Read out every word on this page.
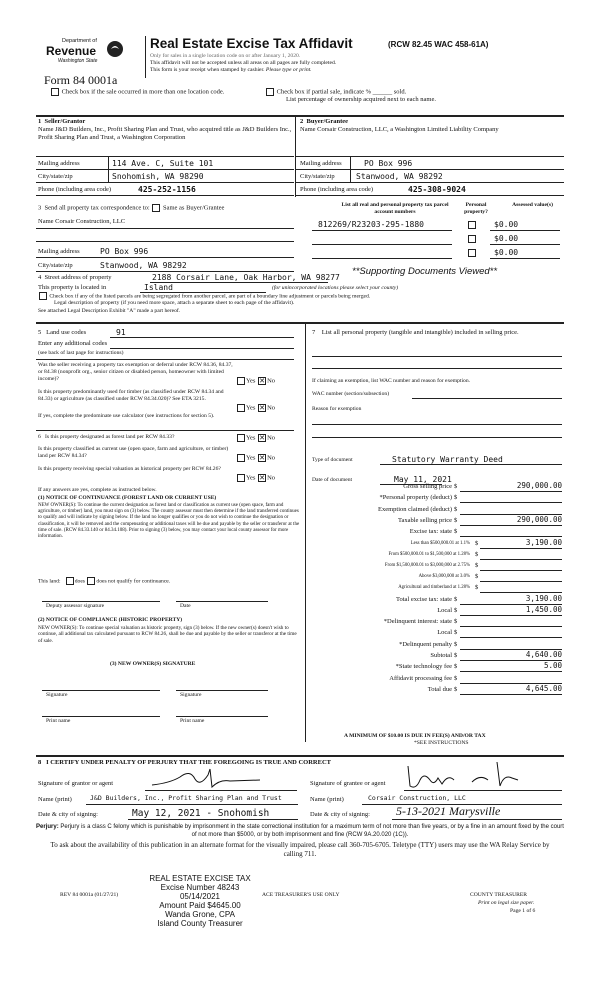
Department of
Revenue
Washington State
Form 84 0001a
Real Estate Excise Tax Affidavit	(RCW 82.45 WAC 458-61A)
Only for sales in a single location code on or after January 1, 2020.
This affidavit will not be accepted unless all areas on all pages are fully completed.
This form is your receipt when stamped by cashier. Please type or print.
Check box if the sale occurred in more than one location code.	Check box if partial sale, indicate % ______ sold.
List percentage of ownership acquired next to each name.
1  Seller/Grantor
Name J&D Builders, Inc., Profit Sharing Plan and Trust, who acquired title as J&D Builders Inc., Profit Sharing Plan and Trust, a Washington Corporation
Mailing address	114 Ave. C, Suite 101
City/state/zip	Snohomish, WA 98290
Phone (including area code)	425-252-1156
2  Buyer/Grantee
Name Corsair Construction, LLC, a Washington Limited Liability Company
Mailing address	PO Box 996
City/state/zip	Stanwood, WA 98292
Phone (including area code)	425-308-9024
3  Send all property tax correspondence to: Same as Buyer/Grantee
Name Corsair Construction, LLC
Mailing address	PO Box 996
City/state/zip	Stanwood, WA 98292
List all real and personal property tax parcel account numbers
Personal property?
Assessed value(s)
812269/R23203-295-1880	$0.00
$0.00
$0.00
4  Street address of property	2188 Corsair Lane, Oak Harbor, WA 98277
**Supporting Documents Viewed**
This property is located in	Island	(for unincorporated locations please select your county)
Check box if any of the listed parcels are being segregated from another parcel, are part of a boundary line adjustment or parcels being merged.
Legal description of property (if you need more space, attach a separate sheet to each page of the affidavit).
See attached Legal Description Exhibit "A" made a part hereof.
5   Land use codes	91
Enter any additional codes
(see back of last page for instructions)
Was the seller receiving a property tax exemption or deferral under RCW 84.36, 84.37, or 84.38 (nonprofit org., senior citizen or disabled person, homeowner with limited income)?	Yes ✕ No
Is this property predominantly used for timber (as classified under RCW 84.34 and 84.33) or agriculture (as classified under RCW 84.34.020)? See ETA 3215.
Yes ✕ No
If yes, complete the predominate use calculator (see instructions for section 5).
6   Is this property designated as forest land per RCW 84.33?	Yes ✕ No
Is this property classified as current use (open space, farm and agriculture, or timber) land per RCW 84.34?	Yes ✕ No
Is this property receiving special valuation as historical property per RCW 84.26?
Yes ✕ No
If any answers are yes, complete as instructed below.
(1) NOTICE OF CONTINUANCE (FOREST LAND OR CURRENT USE)
NEW OWNER(S): To continue the current designation as forest land or classification as current use (open space, farm and agriculture, or timber) land, you must sign on (3) below. The county assessor must then determine if the land transferred continues to qualify and will indicate by signing below. If the land no longer qualifies or you do not wish to continue the designation or classification, it will be removed and the compensating or additional taxes will be due and payable by the seller or transferor at the time of sale. (RCW 84.33.140 or 84.34.108). Prior to signing (3) below, you may contact your local county assessor for more information.
This land:	does does not qualify for continuance.
Deputy assessor signature	Date
(2) NOTICE OF COMPLIANCE (HISTORIC PROPERTY)
NEW OWNER(S): To continue special valuation as historic property, sign (3) below. If the new owner(s) doesn't wish to continue, all additional tax calculated pursuant to RCW 84.26, shall be due and payable by the seller or transferor at the time of sale.
(3) NEW OWNER(S) SIGNATURE
Signature	Signature
Print name	Print name
7    List all personal property (tangible and intangible) included in selling price.
If claiming an exemption, list WAC number and reason for exemption.
WAC number (section/subsection)
Reason for exemption
Type of document	Statutory Warranty Deed
Date of document	May 11, 2021
Gross selling price $	290,000.00
*Personal property (deduct) $
Exemption claimed (deduct) $
Taxable selling price $	290,000.00
Excise tax: state $
Less than $500,000.01 at 1.1% $	3,190.00
From $500,000.01 to $1,500,000 at 1.28% $
From $1,500,000.01 to $3,000,000 at 2.75% $
Above $3,000,000 at 3.0% $
Agricultural and timberland at 1.28% $
Total excise tax: state $	3,190.00
Local $	1,450.00
*Delinquent interest: state $
Local $
*Delinquent penalty $
Subtotal $	4,640.00
*State technology fee $	5.00
Affidavit processing fee $
Total due $	4,645.00
A MINIMUM OF $10.00 IS DUE IN FEE(S) AND/OR TAX
*SEE INSTRUCTIONS
8   I CERTIFY UNDER PENALTY OF PERJURY THAT THE FOREGOING IS TRUE AND CORRECT
Signature of grantor or agent	Signature of grantee or agent
Name (print)	J&D Builders, Inc., Profit Sharing Plan and Trust	Name (print)	Corsair Construction, LLC
Date & city of signing:	May 12, 2021 - Snohomish	Date & city of signing: 5-13-2021 Marysville
Perjury: Perjury is a class C felony which is punishable by imprisonment in the state correctional institution for a maximum term of not more than five years, or by a fine in an amount fixed by the court of not more than $5000, or by both imprisonment and fine (RCW 9A.20.020 (1C)).
To ask about the availability of this publication in an alternate format for the visually impaired, please call 360-705-6705. Teletype (TTY) users may use the WA Relay Service by calling 711.
REV 84 0001a (01/27/21)
REAL ESTATE EXCISE TAX
Excise Number 48243
05/14/2021
Amount Paid $4645.00
Wanda Grone, CPA
Island County Treasurer
ACE TREASURER'S USE ONLY	COUNTY TREASURER
Print on legal size paper.
Page 1 of 6
